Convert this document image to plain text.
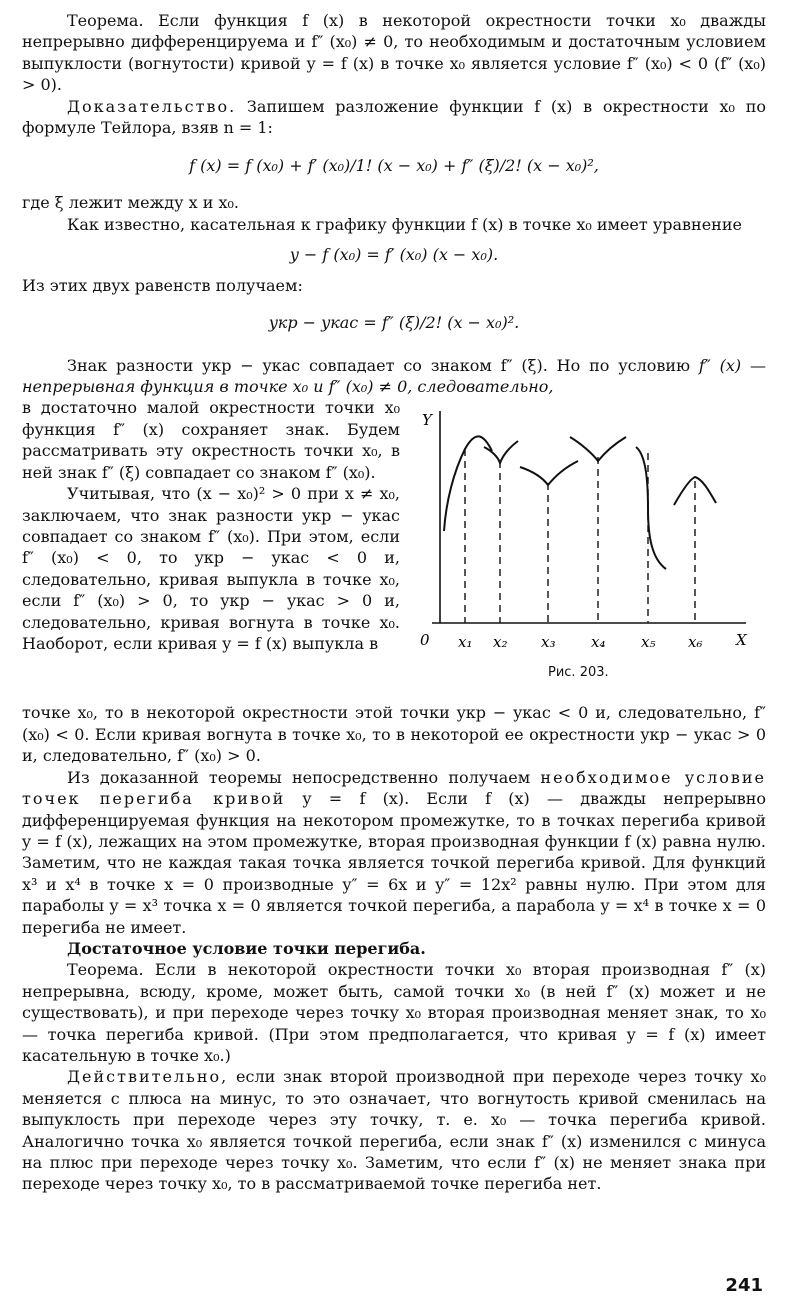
Теорема. Если функция f (x) в некоторой окрестности точки x₀ дважды непрерывно дифференцируема и f″ (x₀) ≠ 0, то необходимым и достаточным условием выпуклости (вогнутости) кривой y = f (x) в точке x₀ является условие f″ (x₀) < 0 (f″ (x₀) > 0).

Доказательство. Запишем разложение функции f (x) в окрестности x₀ по формуле Тейлора, взяв n = 1:

f (x) = f (x₀) + f′ (x₀)/1! (x − x₀) + f″ (ξ)/2! (x − x₀)²,

где ξ лежит между x и x₀.

Как известно, касательная к графику функции f (x) в точке x₀ имеет уравнение

y − f (x₀) = f′ (x₀) (x − x₀).

Из этих двух равенств получаем:

yкр − yкас = f″ (ξ)/2! (x − x₀)².

Знак разности yкр − yкас совпадает со знаком f″ (ξ). Но по условию f″ (x) — непрерывная функция в точке x₀ и f″ (x₀) ≠ 0, следовательно,

Y
0	X
x₁ x₂ x₃ x₄ x₅ x₆
Рис. 203.

в достаточно малой окрестности точки x₀ функция f″ (x) сохраняет знак. Будем рассматривать эту окрестность точки x₀, в ней знак f″ (ξ) совпадает со знаком f″ (x₀).

Учитывая, что (x − x₀)² > 0 при x ≠ x₀, заключаем, что знак разности yкр − yкас совпадает со знаком f″ (x₀). При этом, если f″ (x₀) < 0, то yкр − yкас < 0 и, следовательно, кривая выпукла в точке x₀, если f″ (x₀) > 0, то yкр − yкас > 0 и, следовательно, кривая вогнута в точке x₀. Наоборот, если кривая y = f (x) выпукла в

точке x₀, то в некоторой окрестности этой точки yкр − yкас < 0 и, следовательно, f″ (x₀) < 0. Если кривая вогнута в точке x₀, то в некоторой ее окрестности yкр − yкас > 0 и, следовательно, f″ (x₀) > 0.

Из доказанной теоремы непосредственно получаем необходимое условие точек перегиба кривой y = f (x). Если f (x) — дважды непрерывно дифференцируемая функция на некотором промежутке, то в точках перегиба кривой y = f (x), лежащих на этом промежутке, вторая производная функции f (x) равна нулю. Заметим, что не каждая такая точка является точкой перегиба кривой. Для функций x³ и x⁴ в точке x = 0 производные y″ = 6x и y″ = 12x² равны нулю. При этом для параболы y = x³ точка x = 0 является точкой перегиба, а парабола y = x⁴ в точке x = 0 перегиба не имеет.

Достаточное условие точки перегиба.

Теорема. Если в некоторой окрестности точки x₀ вторая производная f″ (x) непрерывна, всюду, кроме, может быть, самой точки x₀ (в ней f″ (x) может и не существовать), и при переходе через точку x₀ вторая производная меняет знак, то x₀ — точка перегиба кривой. (При этом предполагается, что кривая y = f (x) имеет касательную в точке x₀.)

Действительно, если знак второй производной при переходе через точку x₀ меняется с плюса на минус, то это означает, что вогнутость кривой сменилась на выпуклость при переходе через эту точку, т. е. x₀ — точка перегиба кривой. Аналогично точка x₀ является точкой перегиба, если знак f″ (x) изменился с минуса на плюс при переходе через точку x₀. Заметим, что если f″ (x) не меняет знака при переходе через точку x₀, то в рассматриваемой точке перегиба нет.

241
